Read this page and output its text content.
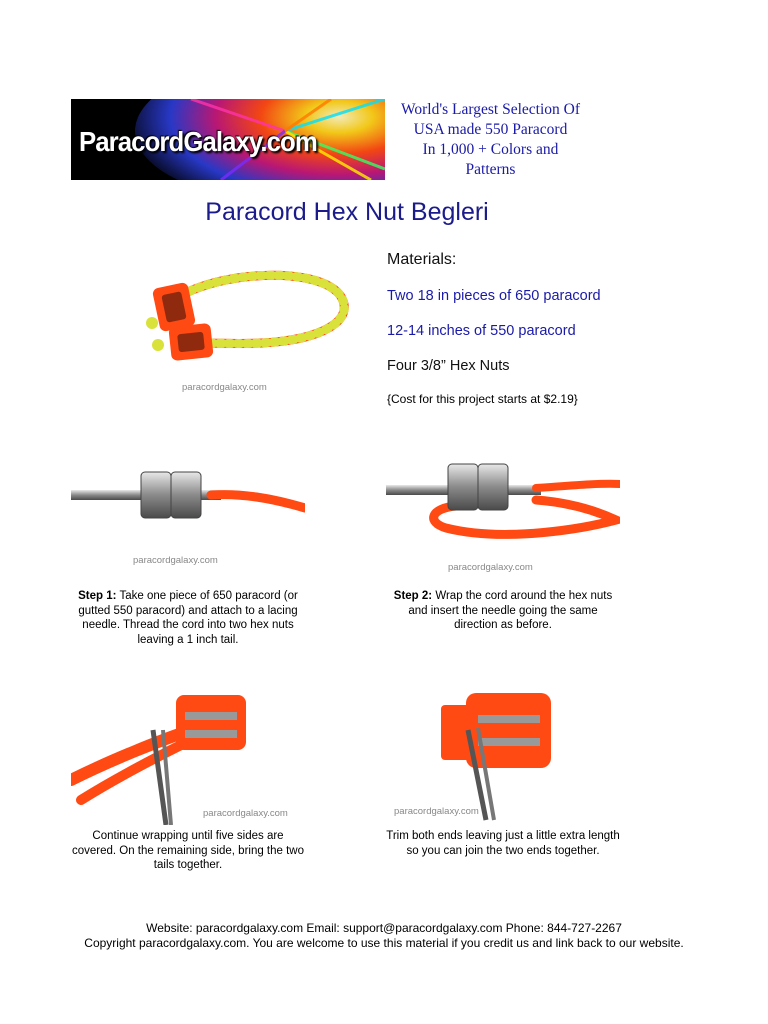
ParacordGalaxy.com
World's Largest Selection Of
USA made 550 Paracord
In 1,000 + Colors and
Patterns
Paracord Hex Nut Begleri
paracordgalaxy.com
Materials:
Two 18 in pieces of 650 paracord
12-14 inches of 550 paracord
Four 3/8” Hex Nuts
{Cost for this project starts at $2.19}
paracordgalaxy.com
paracordgalaxy.com
Step 1: Take one piece of 650 paracord (or gutted 550 paracord) and attach to a lacing needle. Thread the cord into two hex nuts leaving a 1 inch tail.
Step 2: Wrap the cord around the hex nuts and insert the needle going the same direction as before.
paracordgalaxy.com	paracordgalaxy.com
Continue wrapping until five sides are covered. On the remaining side, bring the two tails together.
Trim both ends leaving just a little extra length so you can join the two ends together.
Website: paracordgalaxy.com Email: support@paracordgalaxy.com Phone: 844-727-2267
Copyright paracordgalaxy.com. You are welcome to use this material if you credit us and link back to our website.
